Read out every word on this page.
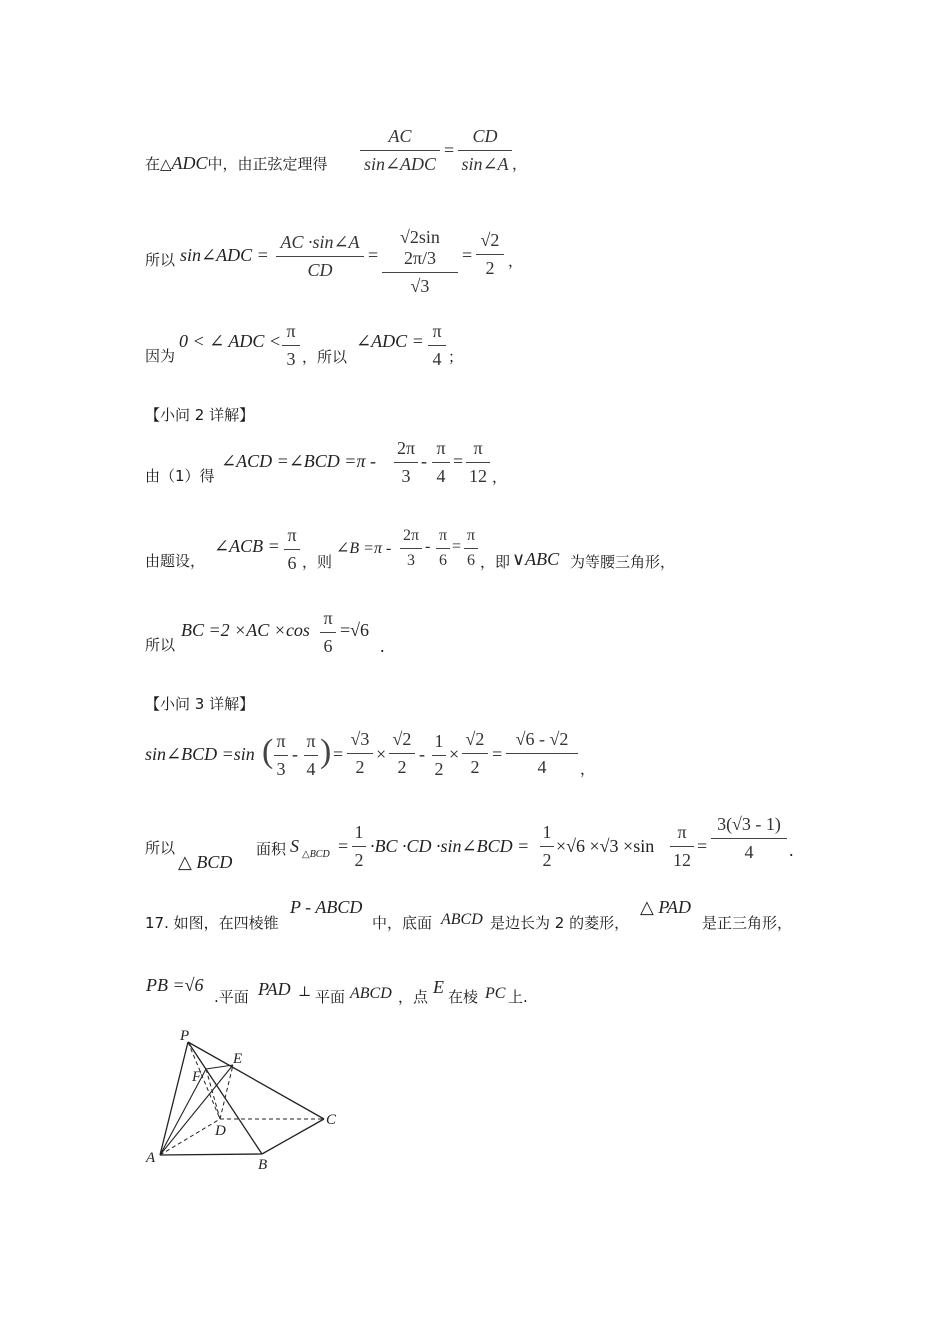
在△ADC中，由正弦定理得
AC
sin∠ADC
= $\frac{CD}{\sin\angle A}$ ，
所以 sin∠ADC = $\frac{AC \cdot\sin\angle A}{CD} = \frac{√2\sin 2\pi/3}{√3} = \frac{√2}{2}$ ，
因为
0 < ∠ ADC < $\frac{\pi}{3}$ ，所以
∠ADC = $\frac{\pi}{4}$ ；
【小问 2 详解】
由（1）得
∠ACD =∠BCD $=\pi - \frac{2\pi}{3} - \frac{\pi}{4} = \frac{\pi}{12}$ ，
由题设，
∠ACB = $\frac{\pi}{6}$ ，则
∠B $=\pi - \frac{2\pi}{3} - \frac{\pi}{6} = \frac{\pi}{6}$ ，即 ∨ABC 为等腰三角形，
所以
BC $=2 \times AC \times\cos \frac{\pi}{6} =√6$
.
【小问 3 详解】
sin∠BCD =sin ( $\frac{\pi}{3} - \frac{\pi}{4}$ ) = $\frac{√3}{2} \times \frac{√2}{2} - \frac{1}{2} \times \frac{√2}{2} = \frac{√6 - √2}{4}$ ，
所以
△ BCD
面积 S △BCD = $\frac{1}{2} \cdot BC \cdot CD$ ·sin∠BCD = $\frac{1}{2} \times√6 \times√3 \times\sin \frac{\pi}{12} = \frac{3(√3 - 1)}{4}$ .
17. 如图，在四棱锥
P - ABCD
中，底面 ABCD 是边长为 2 的菱形，
△ PAD
是正三角形，
PB =√6
.平面 PAD ⊥ 平面 ABCD ，点 E 在棱 PC 上.
P
E
F
D
C
A	B
